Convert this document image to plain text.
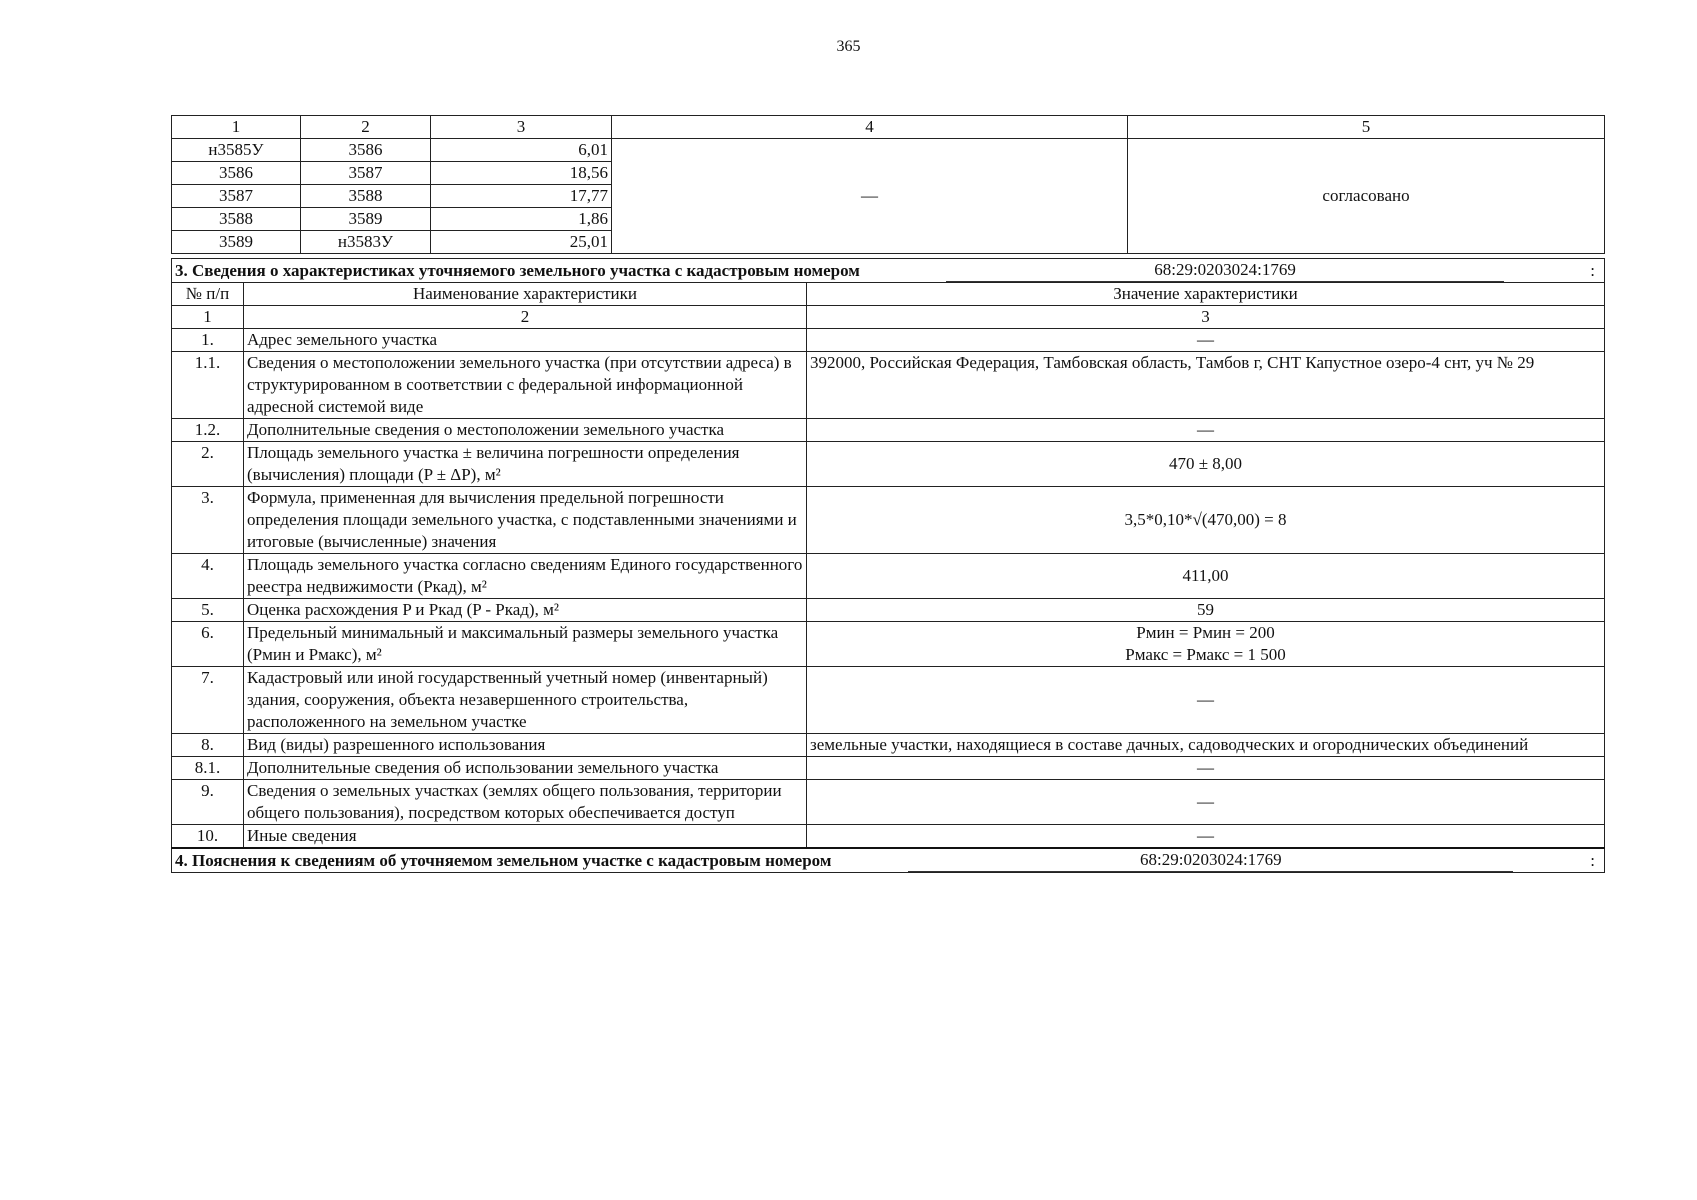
365
1	2	3	4	5
н3585У	3586	6,01	—	согласовано
3586	3587	18,56		
3587	3588	17,77		
3588	3589	1,86		
3589	н3583У	25,01		
3. Сведения о характеристиках уточняемого земельного участка с кадастровым номером 68:29:0203024:1769 :		

№ п/п	Наименование характеристики	Значение характеристики
1	2	3
1.	Адрес земельного участка	—
1.1.	Сведения о местоположении земельного участка (при отсутствии адреса) в структурированном в соответствии с федеральной информационной адресной системой виде	392000, Российская Федерация, Тамбовская область, Тамбов г, СНТ Капустное озеро-4 снт, уч № 29
1.2.	Дополнительные сведения о местоположении земельного участка	—
2.	Площадь земельного участка ± величина погрешности определения (вычисления) площади (P ± ΔP), м²	470 ± 8,00
3.	Формула, примененная для вычисления предельной погрешности определения площади земельного участка, с подставленными значениями и итоговые (вычисленные) значения	3,5*0,10*√(470,00) = 8
4.	Площадь земельного участка согласно сведениям Единого государственного реестра недвижимости (Ркад), м²	411,00
5.	Оценка расхождения P и Ркад (P - Ркад), м²	59
6.	Предельный минимальный и максимальный размеры земельного участка (Рмин и Рмакс), м²	Рмин = Рмин = 200
Рмакс = Рмакс = 1 500

7.	Кадастровый или иной государственный учетный номер (инвентарный) здания, сооружения, объекта незавершенного строительства, расположенного на земельном участке	—
8.	Вид (виды) разрешенного использования	земельные участки, находящиеся в составе дачных, садоводческих и огороднических объединений
8.1.	Дополнительные сведения об использовании земельного участка	—
9.	Сведения о земельных участках (землях общего пользования, территории общего пользования), посредством которых обеспечивается доступ	—
10.	Иные сведения	—

4. Пояснения к сведениям об уточняемом земельном участке с кадастровым номером 68:29:0203024:1769 :		
